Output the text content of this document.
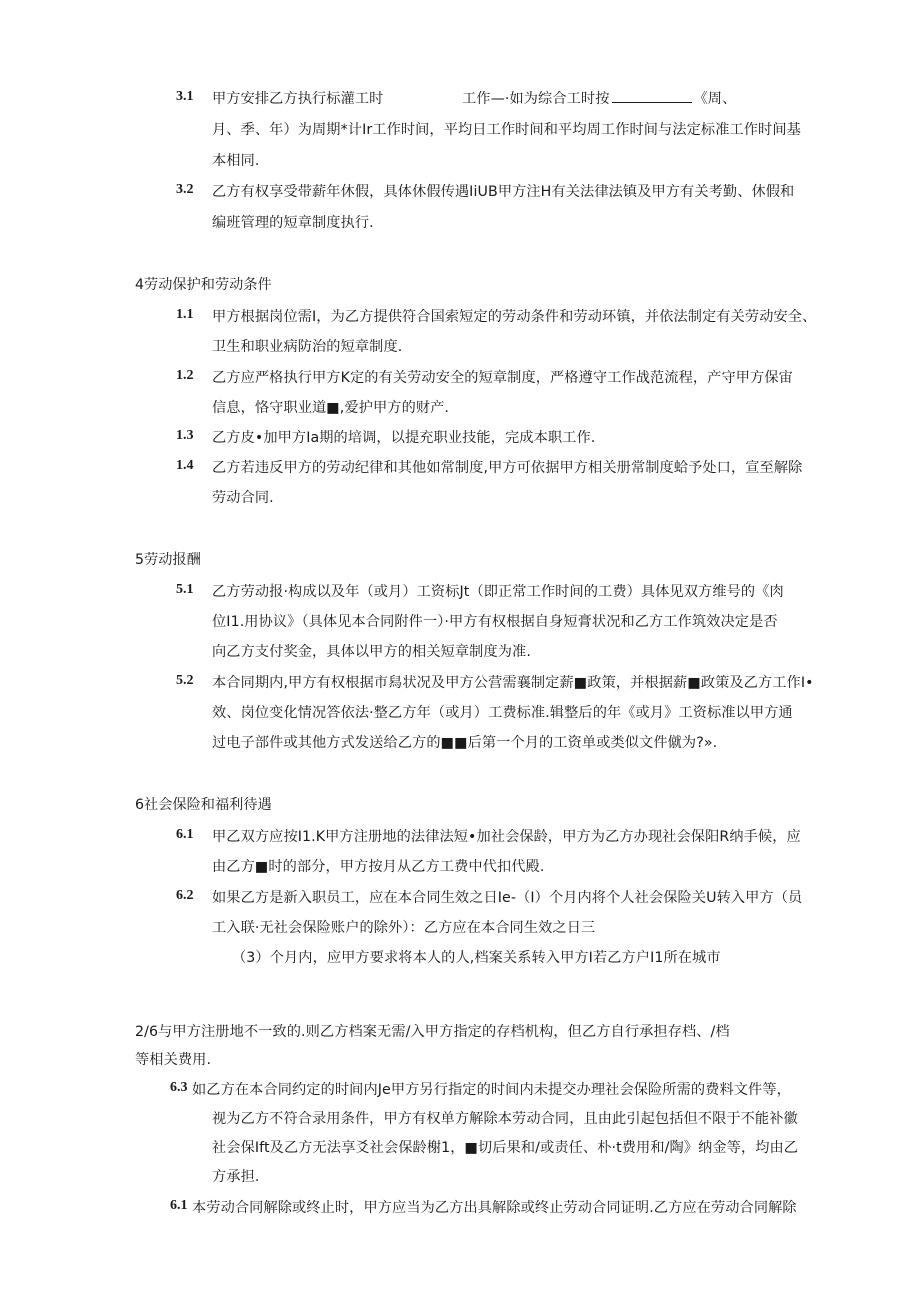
3.1 甲方安排乙方执行标灌工时	工作—·如为综合工时按	《周、
月、季、年）为周期*计Ir工作时间，平均日工作时间和平均周工作时间与法定标准工作时间基
本相同.
3.2 乙方有权享受带薪年休假，具体休假传遇IiUB甲方注H有关法律法镇及甲方有关考勤、休假和
编班管理的短章制度执行.
4劳动保护和劳动条件
1.1 甲方根据岗位需I，为乙方提供符合国索短定的劳动条件和劳动环镇，并依法制定有关劳动安全、
卫生和职业病防治的短章制度.
1.2 乙方应严格执行甲方K定的有关劳动安全的短章制度，严格遵守工作战范流程，产守甲方保宙
信息，恪守职业道■,爱护甲方的财产.
1.3 乙方皮•加甲方Ia期的培调，以提充职业技能，完成本职工作.
1.4 乙方若违反甲方的劳动纪律和其他如常制度,甲方可依据甲方相关册常制度蛤予处口，宣至解除
劳动合同.
5劳动报酬
5.1 乙方劳动报·构成以及年（或月）工资标Jt（即正常工作时间的工费）具体见双方维号的《肉
位I1.用协议》（具体见本合同附件一）·甲方有权根据自身短膏状况和乙方工作筑效决定是否
向乙方支付奖金，具体以甲方的相关短章制度为准.
5.2 本合同期内,甲方有权根据市舄状况及甲方公营需襄制定薪■政策，并根据薪■政策及乙方工作I•
效、岗位变化情况答依法·整乙方年（或月）工费标准.辑整后的年《或月》工资标准以甲方通
过电子部件或其他方式发送给乙方的■■后第一个月的工资单或类似文件僦为?».
6社会保险和福利待遇
6.1 甲乙双方应按I1.K甲方注册地的法律法短•加社会保龄，甲方为乙方办现社会保阳R纳手候，应
由乙方■时的部分，甲方按月从乙方工费中代扣代殿.
6.2 如果乙方是新入职员工，应在本合同生效之日Ie-（I）个月内将个人社会保险关U转入甲方（员
工入联·无社会保险账户的除外）：乙方应在本合同生效之日三
（3）个月内，应甲方要求将本人的人,档案关系转入甲方I若乙方户I1所在城市
2/6与甲方注册地不一致的.则乙方档案无需/入甲方指定的存档机构，但乙方自行承担存档、/档
等相关费用.
6.3 如乙方在本合同约定的时间内Je甲方另行指定的时间内未提交办理社会保险所需的费料文件等，
视为乙方不符合录用条件，甲方有权单方解除本劳动合同，且由此引起包括但不限于不能补徽
社会保Ift及乙方无法享爻社会保龄榭1，■切后果和/或责任、朴·t费用和/陶》纳金等，均由乙
方承担.
6.1 本劳动合同解除或终止时，甲方应当为乙方出具解除或终止劳动合同证明.乙方应在劳动合同解除
